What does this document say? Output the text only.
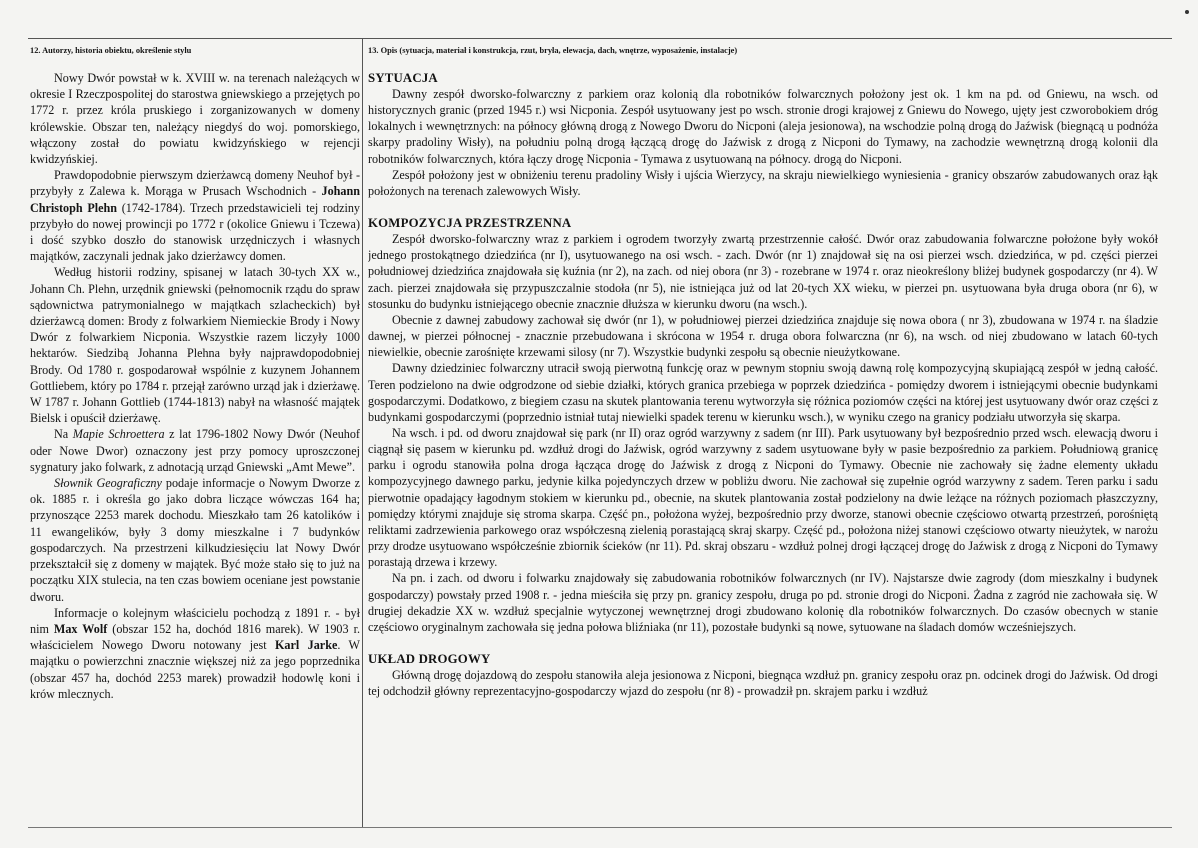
12. Autorzy, historia obiektu, określenie stylu	13. Opis (sytuacja, materiał i konstrukcja, rzut, bryła, elewacja, dach, wnętrze, wyposażenie, instalacje)

Nowy Dwór powstał w k. XVIII w. na terenach należących w okresie I Rzeczpospolitej do starostwa gniewskiego a przejętych po 1772 r. przez króla pruskiego i zorganizowanych w domeny królewskie. Obszar ten, należący niegdyś do woj. pomorskiego, włączony został do powiatu kwidzyńskiego w rejencji kwidzyńskiej.

Prawdopodobnie pierwszym dzierżawcą domeny Neuhof był - przybyły z Zalewa k. Morąga w Prusach Wschodnich - Johann Christoph Plehn (1742-1784). Trzech przedstawicieli tej rodziny przybyło do nowej prowincji po 1772 r (okolice Gniewu i Tczewa) i dość szybko doszło do stanowisk urzędniczych i własnych majątków, zaczynali jednak jako dzierżawcy domen.

Według historii rodziny, spisanej w latach 30-tych XX w., Johann Ch. Plehn, urzędnik gniewski (pełnomocnik rządu do spraw sądownictwa patrymonialnego w majątkach szlacheckich) był dzierżawcą domen: Brody z folwarkiem Niemieckie Brody i Nowy Dwór z folwarkiem Nicponia. Wszystkie razem liczyły 1000 hektarów. Siedzibą Johanna Plehna były najprawdopodobniej Brody. Od 1780 r. gospodarował wspólnie z kuzynem Johannem Gottliebem, który po 1784 r. przejął zarówno urząd jak i dzierżawę. W 1787 r. Johann Gottlieb (1744-1813) nabył na własność majątek Bielsk i opuścił dzierżawę.

Na Mapie Schroettera z lat 1796-1802 Nowy Dwór (Neuhof oder Nowe Dwor) oznaczony jest przy pomocy uproszczonej sygnatury jako folwark, z adnotacją urząd Gniewski „Amt Mewe”.

Słownik Geograficzny podaje informacje o Nowym Dworze z ok. 1885 r. i określa go jako dobra liczące wówczas 164 ha; przynoszące 2253 marek dochodu. Mieszkało tam 26 katolików i 11 ewangelików, były 3 domy mieszkalne i 7 budynków gospodarczych. Na przestrzeni kilkudziesięciu lat Nowy Dwór przekształcił się z domeny w majątek. Być może stało się to już na początku XIX stulecia, na ten czas bowiem oceniane jest powstanie dworu.

Informacje o kolejnym właścicielu pochodzą z 1891 r. - był nim Max Wolf (obszar 152 ha, dochód 1816 marek). W 1903 r. właścicielem Nowego Dworu notowany jest Karl Jarke. W majątku o powierzchni znacznie większej niż za jego poprzednika (obszar 457 ha, dochód 2253 marek) prowadził hodowlę koni i krów mlecznych.

SYTUACJA

Dawny zespół dworsko-folwarczny z parkiem oraz kolonią dla robotników folwarcznych położony jest ok. 1 km na pd. od Gniewu, na wsch. od historycznych granic (przed 1945 r.) wsi Nicponia. Zespół usytuowany jest po wsch. stronie drogi krajowej z Gniewu do Nowego, ujęty jest czworobokiem dróg lokalnych i wewnętrznych: na północy główną drogą z Nowego Dworu do Nicponi (aleja jesionowa), na wschodzie polną drogą do Jaźwisk (biegnącą u podnóża skarpy pradoliny Wisły), na południu polną drogą łączącą drogę do Jaźwisk z drogą z Nicponi do Tymawy, na zachodzie wewnętrzną drogą kolonii dla robotników folwarcznych, która łączy drogę Nicponia - Tymawa z usytuowaną na północy. drogą do Nicponi.

Zespół położony jest w obniżeniu terenu pradoliny Wisły i ujścia Wierzycy, na skraju niewielkiego wyniesienia - granicy obszarów zabudowanych oraz łąk położonych na terenach zalewowych Wisły.

KOMPOZYCJA PRZESTRZENNA

Zespół dworsko-folwarczny wraz z parkiem i ogrodem tworzyły zwartą przestrzennie całość. Dwór oraz zabudowania folwarczne położone były wokół jednego prostokątnego dziedzińca (nr I), usytuowanego na osi wsch. - zach. Dwór (nr 1) znajdował się na osi pierzei wsch. dziedzińca, w pd. części pierzei południowej dziedzińca znajdowała się kuźnia (nr 2), na zach. od niej obora (nr 3) - rozebrane w 1974 r. oraz nieokreślony bliżej budynek gospodarczy (nr 4). W zach. pierzei znajdowała się przypuszczalnie stodoła (nr 5), nie istniejąca już od lat 20-tych XX wieku, w pierzei pn. usytuowana była druga obora (nr 6), w stosunku do budynku istniejącego obecnie znacznie dłuższa w kierunku dworu (na wsch.).

Obecnie z dawnej zabudowy zachował się dwór (nr 1), w południowej pierzei dziedzińca znajduje się nowa obora ( nr 3), zbudowana w 1974 r. na śladzie dawnej, w pierzei północnej - znacznie przebudowana i skrócona w 1954 r. druga obora folwarczna (nr 6), na wsch. od niej zbudowano w latach 60-tych niewielkie, obecnie zarośnięte krzewami silosy (nr 7). Wszystkie budynki zespołu są obecnie nieużytkowane.

Dawny dziedziniec folwarczny utracił swoją pierwotną funkcję oraz w pewnym stopniu swoją dawną rolę kompozycyjną skupiającą zespół w jedną całość. Teren podzielono na dwie odgrodzone od siebie działki, których granica przebiega w poprzek dziedzińca - pomiędzy dworem i istniejącymi obecnie budynkami gospodarczymi. Dodatkowo, z biegiem czasu na skutek plantowania terenu wytworzyła się różnica poziomów części na której jest usytuowany dwór oraz części z budynkami gospodarczymi (poprzednio istniał tutaj niewielki spadek terenu w kierunku wsch.), w wyniku czego na granicy podziału utworzyła się skarpa.

Na wsch. i pd. od dworu znajdował się park (nr II) oraz ogród warzywny z sadem (nr III). Park usytuowany był bezpośrednio przed wsch. elewacją dworu i ciągnął się pasem w kierunku pd. wzdłuż drogi do Jaźwisk, ogród warzywny z sadem usytuowane były w pasie bezpośrednio za parkiem. Południową granicę parku i ogrodu stanowiła polna droga łącząca drogę do Jaźwisk z drogą z Nicponi do Tymawy. Obecnie nie zachowały się żadne elementy układu kompozycyjnego dawnego parku, jedynie kilka pojedynczych drzew w pobliżu dworu. Nie zachował się zupełnie ogród warzywny z sadem. Teren parku i sadu pierwotnie opadający łagodnym stokiem w kierunku pd., obecnie, na skutek plantowania został podzielony na dwie leżące na różnych poziomach płaszczyzny, pomiędzy którymi znajduje się stroma skarpa. Część pn., położona wyżej, bezpośrednio przy dworze, stanowi obecnie częściowo otwartą przestrzeń, porośniętą reliktami zadrzewienia parkowego oraz współczesną zielenią porastającą skraj skarpy. Część pd., położona niżej stanowi częściowo otwarty nieużytek, w narożu przy drodze usytuowano współcześnie zbiornik ścieków (nr 11). Pd. skraj obszaru - wzdłuż polnej drogi łączącej drogę do Jaźwisk z drogą z Nicponi do Tymawy porastają drzewa i krzewy.

Na pn. i zach. od dworu i folwarku znajdowały się zabudowania robotników folwarcznych (nr IV). Najstarsze dwie zagrody (dom mieszkalny i budynek gospodarczy) powstały przed 1908 r. - jedna mieściła się przy pn. granicy zespołu, druga po pd. stronie drogi do Nicponi. Żadna z zagród nie zachowała się. W drugiej dekadzie XX w. wzdłuż specjalnie wytyczonej wewnętrznej drogi zbudowano kolonię dla robotników folwarcznych. Do czasów obecnych w stanie częściowo oryginalnym zachowała się jedna połowa bliźniaka (nr 11), pozostałe budynki są nowe, sytuowane na śladach domów wcześniejszych.

UKŁAD DROGOWY

Główną drogę dojazdową do zespołu stanowiła aleja jesionowa z Nicponi, biegnąca wzdłuż pn. granicy zespołu oraz pn. odcinek drogi do Jaźwisk. Od drogi tej odchodził główny reprezentacyjno-gospodarczy wjazd do zespołu (nr 8) - prowadził pn. skrajem parku i wzdłuż
